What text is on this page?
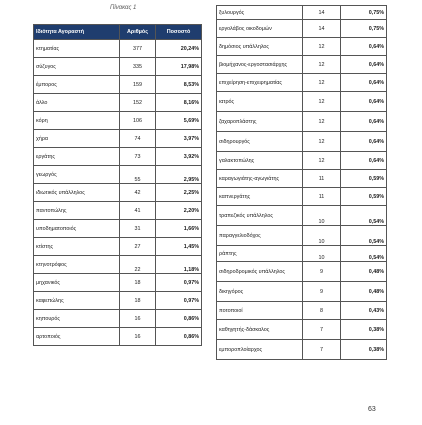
Πίνακας 1
Ιδιότητα Αγοραστή	Αριθμός	Ποσοστό
κτηματίας	377	20,24%
σύζυγος	335	17,98%
έμπορος	159	8,53%
άλλο	152	8,16%
κόρη	106	5,69%
χήρα	74	3,97%
εργάτης	73	3,92%
γεωργός	55	2,95%
ιδιωτικός υπάλληλος	42	2,25%
παντοπώλης	41	2,20%
υποδηματοποιός	31	1,66%
κτίστης	27	1,45%
κτηνοτρόφος	22	1,18%
μηχανικός	18	0,97%
καφεπώλης	18	0,97%
κηπουρός	16	0,86%
αρτοποιός	16	0,86%
ξυλουργός	14	0,75%
εργολάβος οικοδομών	14	0,75%
δημόσιος υπάλληλος	12	0,64%
βιομήχανος-εργοστασιάρχης	12	0,64%
επιχείρηση-επιχειρηματίας	12	0,64%
ιατρός	12	0,64%
ζαχαροπλάστης	12	0,64%
σιδηρουργός	12	0,64%
γαλακτοπώλης	12	0,64%
καραγωγιάτης-αγωγιάτης	11	0,59%
καπνεργάτης	11	0,59%
τραπεζικός υπάλληλος	10	0,54%
παραγγελιοδόχος	10	0,54%
ράπτης	10	0,54%
σιδηροδρομικός υπάλληλος	9	0,48%
δικηγόρος	9	0,48%
ποτοποιοί	8	0,43%
καθηγητής-δάσκαλος	7	0,38%
εμποροπλοίαρχος	7	0,38%
63
